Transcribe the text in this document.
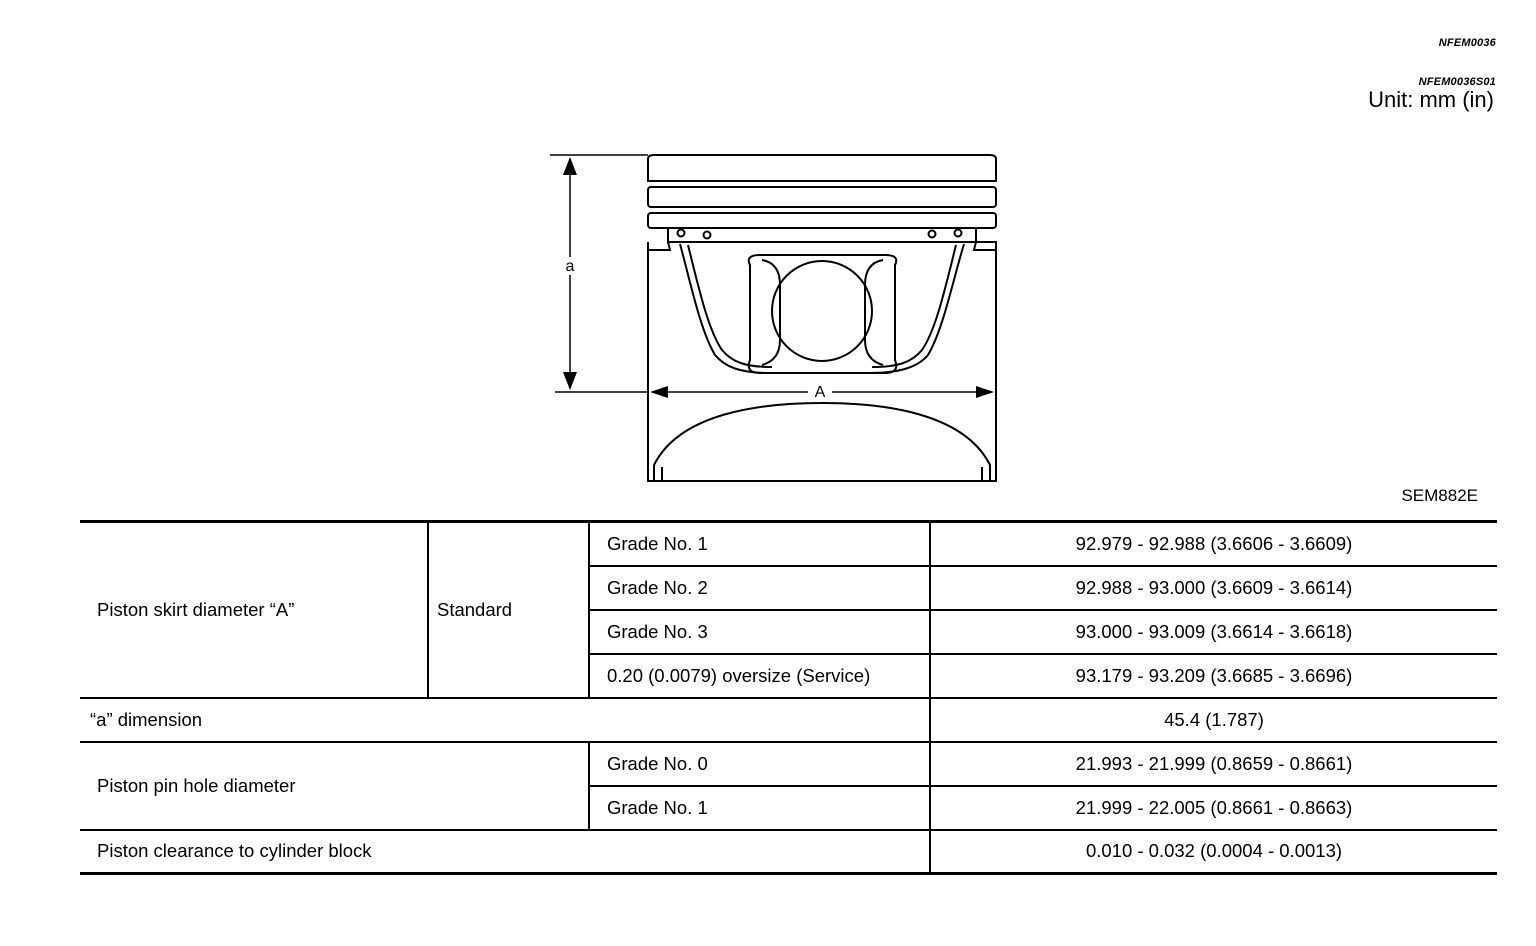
NFEM0036
NFEM0036S01
Unit: mm (in)
a
A
SEM882E
Piston skirt diameter “A”	Standard	Grade No. 1	92.979 - 92.988 (3.6606 - 3.6609)
		Grade No. 2	92.988 - 93.000 (3.6609 - 3.6614)
		Grade No. 3	93.000 - 93.009 (3.6614 - 3.6618)
		0.20 (0.0079) oversize (Service)	93.179 - 93.209 (3.6685 - 3.6696)
“a” dimension			45.4 (1.787)
Piston pin hole diameter		Grade No. 0	21.993 - 21.999 (0.8659 - 0.8661)
		Grade No. 1	21.999 - 22.005 (0.8661 - 0.8663)
Piston clearance to cylinder block			0.010 - 0.032 (0.0004 - 0.0013)
